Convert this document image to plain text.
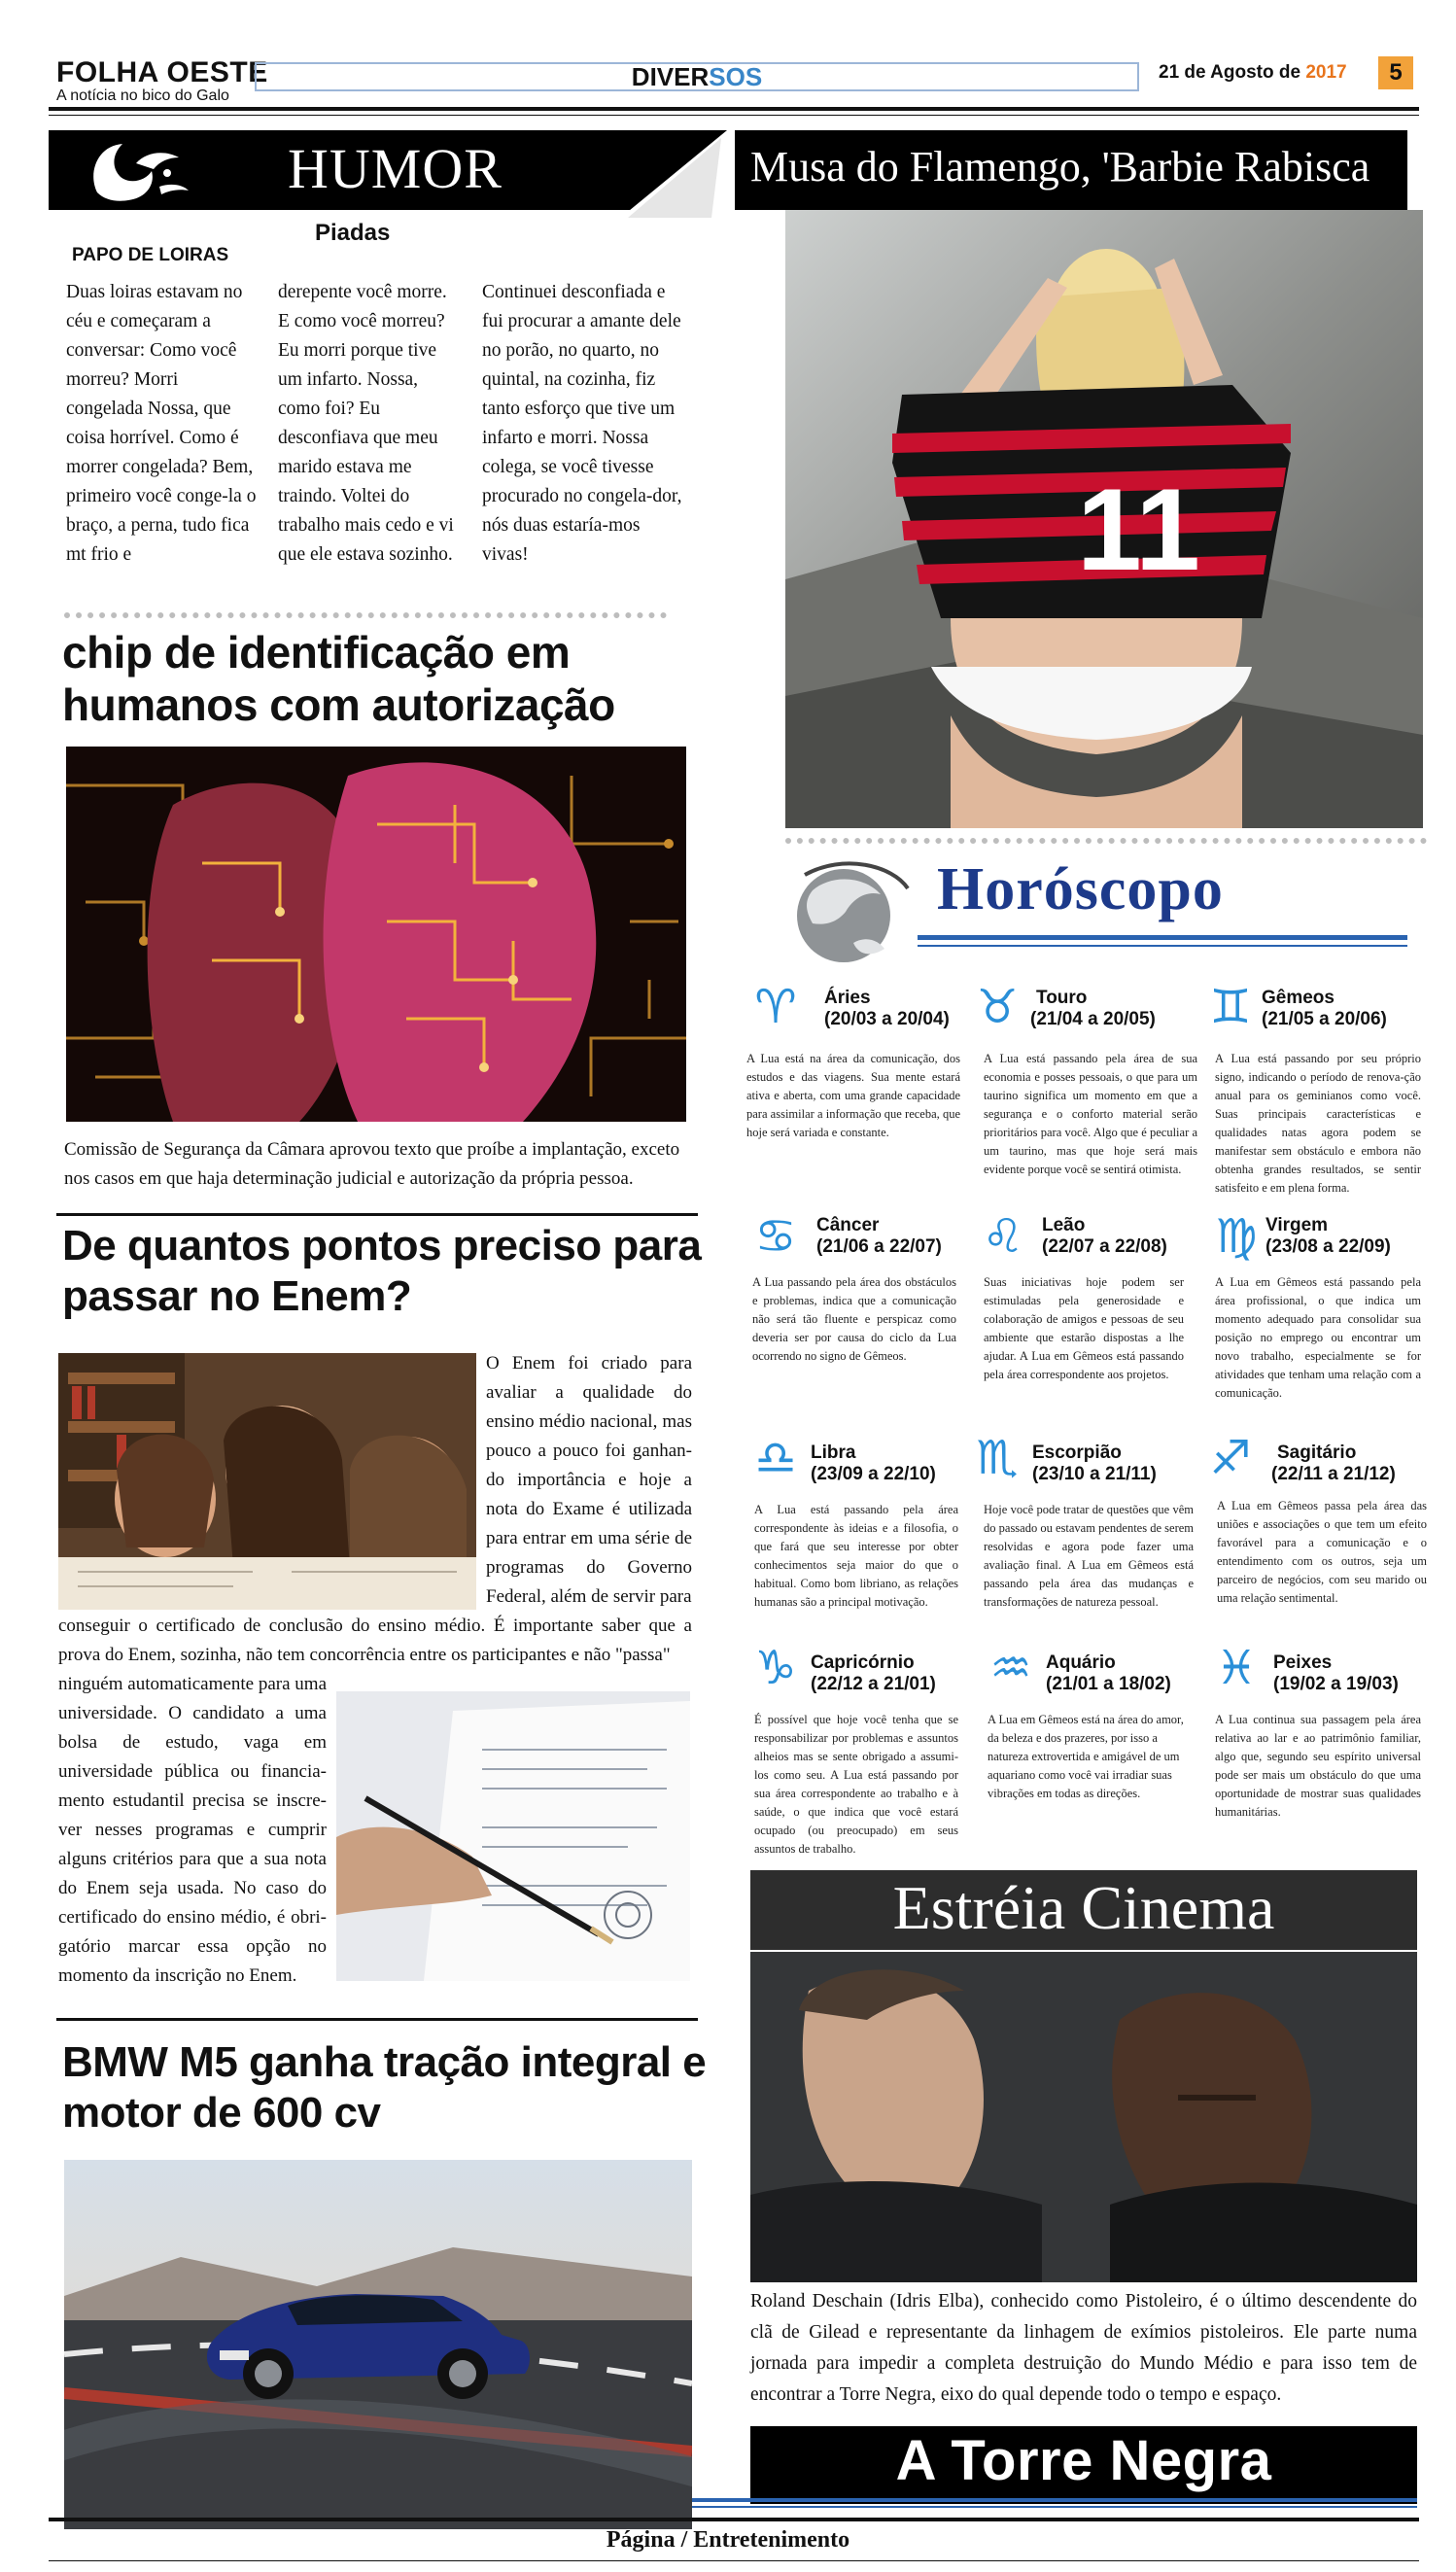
FOLHA OESTE
A notícia no bico do Galo
DIVER SOS	21 de Agosto de 2017	5
HUMOR	Musa do Flamengo, 'Barbie Rabisca
Piadas
PAPO DE LOIRAS
Duas loiras estavam no céu e começaram a conversar: Como você morreu? Morri congelada Nossa, que coisa horrível. Como é morrer congelada? Bem, primeiro você conge-la o braço, a perna, tudo fica mt frio e
derepente você morre. E como você morreu? Eu morri porque tive um infarto. Nossa, como foi? Eu desconfiava que meu marido estava me traindo. Voltei do trabalho mais cedo e vi que ele estava sozinho.
Continuei desconfiada e fui procurar a amante dele no porão, no quarto, no quintal, na cozinha, fiz tanto esforço que tive um infarto e morri. Nossa colega, se você tivesse procurado no congela-dor, nós duas estaría-mos vivas!	11
chip de identificação em humanos com autorização
Comissão de Segurança da Câmara aprovou texto que proíbe a implantação, exceto nos casos em que haja determinação judicial e autorização da própria pessoa.
De quantos pontos preciso para passar no Enem?
O Enem foi criado para avaliar a qualidade do ensino médio nacional, mas pouco a pouco foi ganhan-do importância e hoje a nota do Exame é utilizada para entrar em uma série de programas do Governo Federal, além de servir para
conseguir o certificado de conclusão do ensino médio. É importante saber que a prova do Enem, sozinha, não tem concorrência entre os participantes e não "passa"
ninguém automaticamente para uma universidade. O candidato a uma bolsa de estudo, vaga em universidade pública ou financia-mento estudantil precisa se inscre-ver nesses programas e cumprir alguns critérios para que a sua nota do Enem seja usada. No caso do certificado do ensino médio, é obri-gatório marcar essa opção no momento da inscrição no Enem.
BMW M5 ganha tração integral e motor de 600 cv
Horóscopo
♈ Áries
(20/03 a 20/04)
A Lua está na área da comunicação, dos estudos e das viagens. Sua mente estará ativa e aberta, com uma grande capacidade para assimilar a informação que receba, que hoje será variada e constante.
♉ Touro
(21/04 a 20/05)
A Lua está passando pela área de sua economia e posses pessoais, o que para um taurino significa um momento em que a segurança e o conforto material serão prioritários para você. Algo que é peculiar a um taurino, mas que hoje será mais evidente porque você se sentirá otimista.
♊ Gêmeos
(21/05 a 20/06)
A Lua está passando por seu próprio signo, indicando o período de renova-ção anual para os geminianos como você. Suas principais características e qualidades natas agora podem se manifestar sem obstáculo e embora não obtenha grandes resultados, se sentir satisfeito e em plena forma.
♋ Câncer
(21/06 a 22/07)
A Lua passando pela área dos obstáculos e problemas, indica que a comunicação não será tão fluente e perspicaz como deveria ser por causa do ciclo da Lua ocorrendo no signo de Gêmeos.
♌ Leão
(22/07 a 22/08)
Suas iniciativas hoje podem ser estimuladas pela generosidade e colaboração de amigos e pessoas de seu ambiente que estarão dispostas a lhe ajudar. A Lua em Gêmeos está passando pela área correspondente aos projetos.
♍ Virgem
(23/08 a 22/09)
A Lua em Gêmeos está passando pela área profissional, o que indica um momento adequado para consolidar sua posição no emprego ou encontrar um novo trabalho, especialmente se for atividades que tenham uma relação com a comunicação.
♎ Libra
(23/09 a 22/10)
A Lua está passando pela área correspondente às ideias e a filosofia, o que fará que seu interesse por obter conhecimentos seja maior do que o habitual. Como bom libriano, as relações humanas são a principal motivação.
♏ Escorpião
(23/10 a 21/11)
Hoje você pode tratar de questões que vêm do passado ou estavam pendentes de serem resolvidas e agora pode fazer uma avaliação final. A Lua em Gêmeos está passando pela área das mudanças e transformações de natureza pessoal.
♐ Sagitário
(22/11 a 21/12)
A Lua em Gêmeos passa pela área das uniões e associações o que tem um efeito favorável para a comunicação e o entendimento com os outros, seja um parceiro de negócios, com seu marido ou uma relação sentimental.
♑ Capricórnio
(22/12 a 21/01)
É possível que hoje você tenha que se responsabilizar por problemas e assuntos alheios mas se sente obrigado a assumi-los como seu. A Lua está passando por sua área correspondente ao trabalho e à saúde, o que indica que você estará ocupado (ou preocupado) em seus assuntos de trabalho.
♒ Aquário
(21/01 a 18/02)
A Lua em Gêmeos está na área do amor, da beleza e dos prazeres, por isso a natureza extrovertida e amigável de um aquariano como você vai irradiar suas vibrações em todas as direções.
♓ Peixes
(19/02 a 19/03)
A Lua continua sua passagem pela área relativa ao lar e ao patrimônio familiar, algo que, segundo seu espírito universal pode ser mais um obstáculo do que uma oportunidade de mostrar suas qualidades humanitárias.
Estréia Cinema
Roland Deschain (Idris Elba), conhecido como Pistoleiro, é o último descendente do clã de Gilead e representante da linhagem de exímios pistoleiros. Ele parte numa jornada para impedir a completa destruição do Mundo Médio e para isso tem de encontrar a Torre Negra, eixo do qual depende todo o tempo e espaço.
A Torre Negra
Página / Entretenimento
